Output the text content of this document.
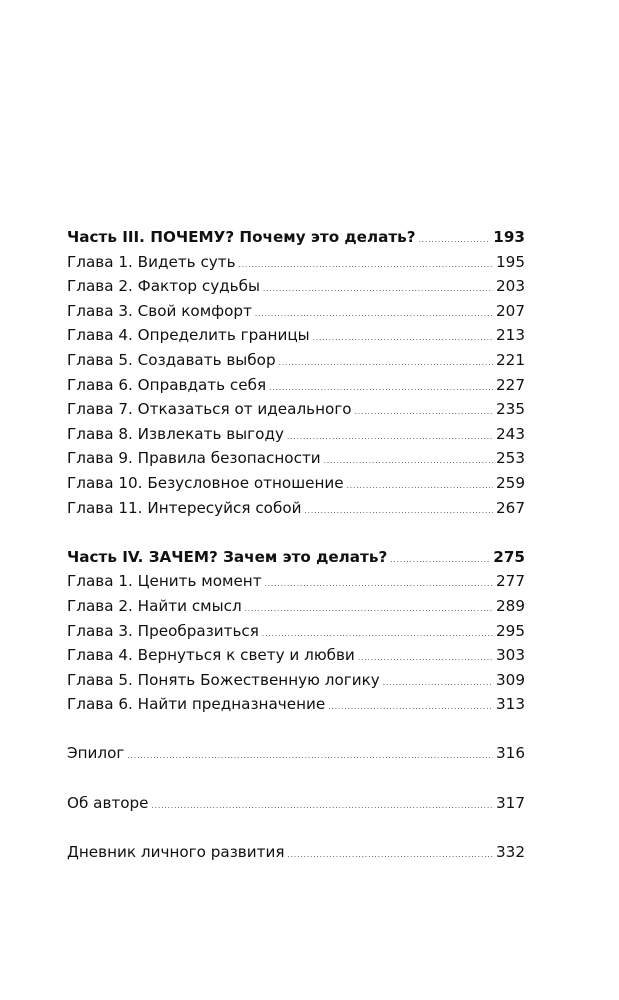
Часть III. ПОЧЕМУ? Почему это делать? .....	193
Глава 1. Видеть суть .....	195
Глава 2. Фактор судьбы .....	203
Глава 3. Свой комфорт .....	207
Глава 4. Определить границы .....	213
Глава 5. Создавать выбор .....	221
Глава 6. Оправдать себя .....	227
Глава 7. Отказаться от идеального .....	235
Глава 8. Извлекать выгоду .....	243
Глава 9. Правила безопасности .....	253
Глава 10. Безусловное отношение .....	259
Глава 11. Интересуйся собой .....	267
Часть IV. ЗАЧЕМ? Зачем это делать? .....	275
Глава 1. Ценить момент .....	277
Глава 2. Найти смысл .....	289
Глава 3. Преобразиться .....	295
Глава 4. Вернуться к свету и любви .....	303
Глава 5. Понять Божественную логику .....	309
Глава 6. Найти предназначение .....	313
Эпилог .....	316
Об авторе .....	317
Дневник личного развития .....	332
